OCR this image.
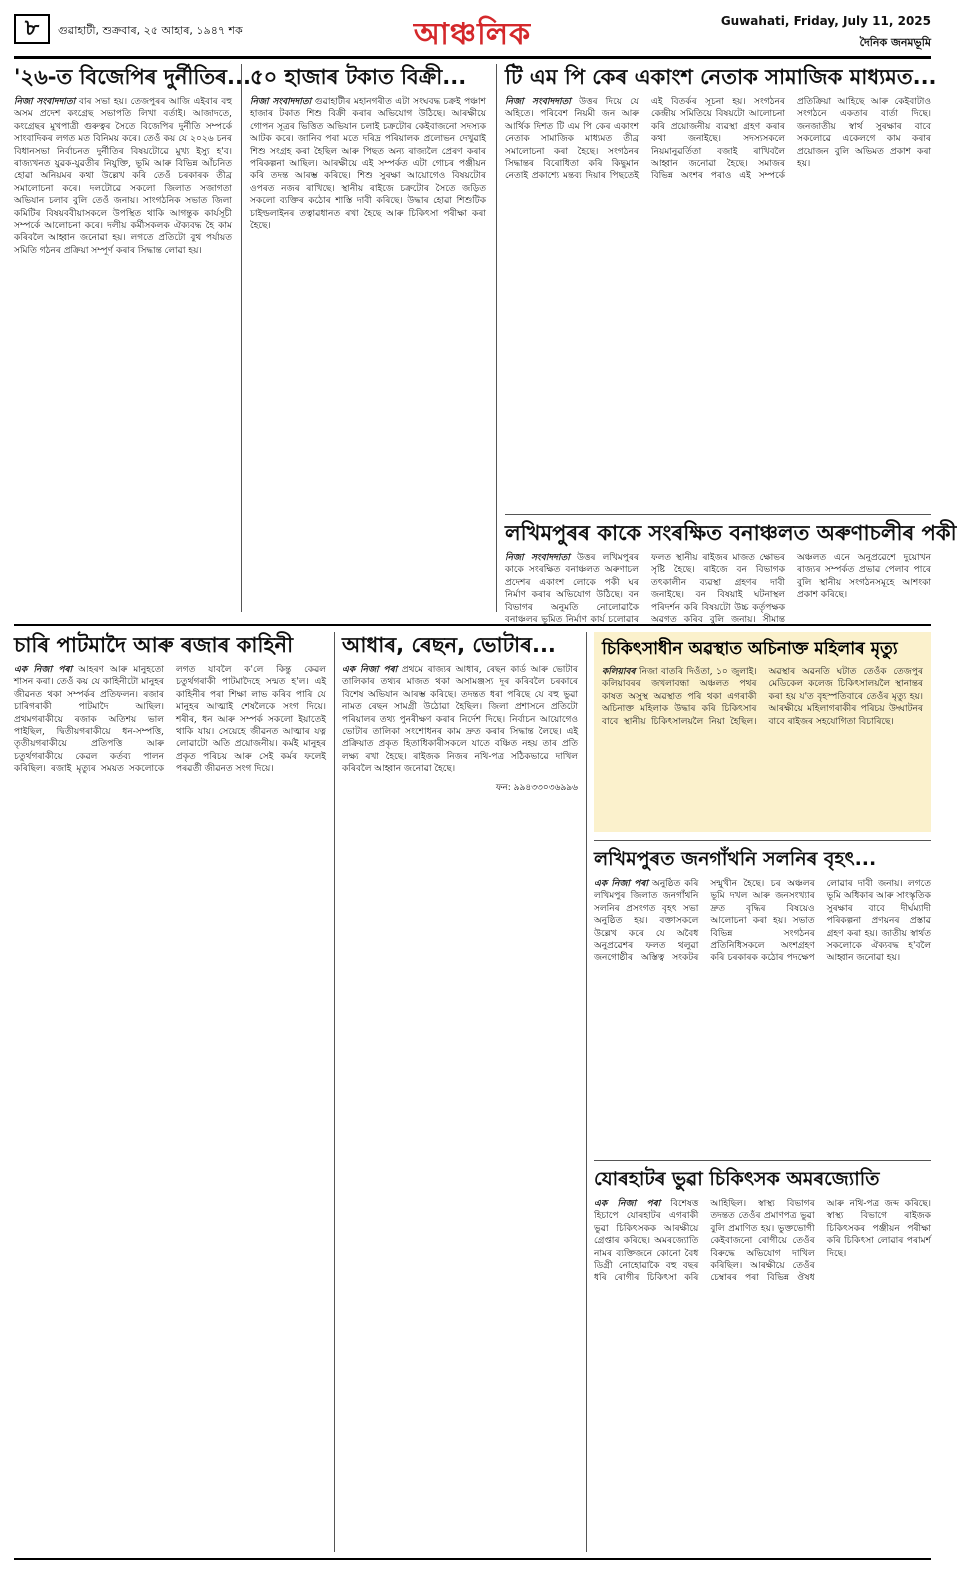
৮	গুৱাহাটী, শুক্ৰবাৰ, ২৫ আহাৰ, ১৯৪৭ শক	আঞ্চলিক	Guwahati, Friday, July 11, 2025
দৈনিক জনমভূমি
'২৬-ত বিজেপিৰ দুৰ্নীতিৰ...
নিজা সংবাদদাতা বাৰ সভা হয়। তেজপুৰৰ আজি এইবাৰ বহু অসম প্ৰদেশ কংগ্ৰেছ সভাপতি লিখা বৰ্তাই। আজাদতে, কংগ্ৰেছৰ মুখপাত্ৰী গুৰুত্বৰ সৈতে বিজেপিৰ দুৰ্নীতি সম্পৰ্কে সাংবাদিকৰ লগত মত বিনিময় কৰে। তেওঁ কয় যে ২০২৬ চনৰ বিধানসভা নিৰ্বাচনত দুৰ্নীতিৰ বিষয়টোৱে মুখ্য ইস্যু হ'ব। ৰাজ্যখনত যুৱক-যুৱতীৰ নিযুক্তি, ভূমি আৰু বিভিন্ন আঁচনিত হোৱা অনিয়মৰ কথা উল্লেখ কৰি তেওঁ চৰকাৰক তীব্ৰ সমালোচনা কৰে। দলটোৱে সকলো জিলাত সজাগতা অভিযান চলাব বুলি তেওঁ জনায়। সাংগঠনিক সভাত জিলা কমিটিৰ বিষয়ববীয়াসকলে উপস্থিত থাকি আগন্তুক কাৰ্যসূচী সম্পৰ্কে আলোচনা কৰে। দলীয় কৰ্মীসকলক ঐক্যবদ্ধ হৈ কাম কৰিবলৈ আহ্বান জনোৱা হয়। লগতে প্ৰতিটো বুথ পৰ্যায়ত সমিতি গঠনৰ প্ৰক্ৰিয়া সম্পূৰ্ণ কৰাৰ সিদ্ধান্ত লোৱা হয়।
৫০ হাজাৰ টকাত বিক্ৰী...
নিজা সংবাদদাতা গুৱাহাটীৰ মহানগৰীত এটা সংঘবদ্ধ চক্ৰই পঞ্চাশ হাজাৰ টকাত শিশু বিক্ৰী কৰাৰ অভিযোগ উঠিছে। আৰক্ষীয়ে গোপন সূত্ৰৰ ভিত্তিত অভিযান চলাই চক্ৰটোৰ কেইবাজনো সদস্যক আটক কৰে। জানিব পৰা মতে দৰিদ্ৰ পৰিয়ালক প্ৰলোভন দেখুৱাই শিশু সংগ্ৰহ কৰা হৈছিল আৰু পিছত অন্য ৰাজ্যলৈ প্ৰেৰণ কৰাৰ পৰিকল্পনা আছিল। আৰক্ষীয়ে এই সম্পৰ্কত এটা গোচৰ পঞ্জীয়ন কৰি তদন্ত আৰম্ভ কৰিছে। শিশু সুৰক্ষা আয়োগেও বিষয়টোৰ ওপৰত নজৰ ৰাখিছে। স্থানীয় ৰাইজে চক্ৰটোৰ সৈতে জড়িত সকলো ব্যক্তিৰ কঠোৰ শাস্তি দাবী কৰিছে। উদ্ধাৰ হোৱা শিশুটিক চাইল্ডলাইনৰ তত্বাৱধানত ৰখা হৈছে আৰু চিকিৎসা পৰীক্ষা কৰা হৈছে।
টি এম পি কেৰ একাংশ নেতাক সামাজিক মাধ্যমত...
নিজা সংবাদদাতা উত্তৰ দিয়ে যে অহিতে। পৰিবেশ নিয়মী জন আৰু আৰ্থিক দিশত টি এম পি কেৰ একাংশ নেতাক সামাজিক মাধ্যমত তীব্ৰ সমালোচনা কৰা হৈছে। সংগঠনৰ সিদ্ধান্তৰ বিৰোধিতা কৰি কিছুমান নেতাই প্ৰকাশ্যে মন্তব্য দিয়াৰ পিছতেই এই বিতৰ্কৰ সূচনা হয়। সংগঠনৰ কেন্দ্ৰীয় সমিতিয়ে বিষয়টো আলোচনা কৰি প্ৰয়োজনীয় ব্যৱস্থা গ্ৰহণ কৰাৰ কথা জনাইছে। সদস্যসকলে নিয়মানুৱৰ্তিতা বজাই ৰাখিবলৈ আহ্বান জনোৱা হৈছে। সমাজৰ বিভিন্ন অংশৰ পৰাও এই সম্পৰ্কে প্ৰতিক্ৰিয়া আহিছে আৰু কেইবাটাও সংগঠনে একতাৰ বাৰ্তা দিছে। জনজাতীয় স্বাৰ্থ সুৰক্ষাৰ বাবে সকলোৱে একেলগে কাম কৰাৰ প্ৰয়োজন বুলি অভিমত প্ৰকাশ কৰা হয়।
লখিমপুৰৰ কাকে সংৰক্ষিত বনাঞ্চলত অৰুণাচলীৰ পকী
নিজা সংবাদদাতা উত্তৰ লখিমপুৰৰ কাকে সংৰক্ষিত বনাঞ্চলত অৰুণাচল প্ৰদেশৰ একাংশ লোকে পকী ঘৰ নিৰ্মাণ কৰাৰ অভিযোগ উঠিছে। বন বিভাগৰ অনুমতি নোলোৱাকৈ বনাঞ্চলৰ ভূমিত নিৰ্মাণ কাৰ্য চলোৱাৰ ফলত স্থানীয় ৰাইজৰ মাজত ক্ষোভৰ সৃষ্টি হৈছে। ৰাইজে বন বিভাগক তৎকালীন ব্যৱস্থা গ্ৰহণৰ দাবী জনাইছে। বন বিষয়াই ঘটনাস্থল পৰিদৰ্শন কৰি বিষয়টো উচ্চ কৰ্তৃপক্ষক অৱগত কৰিব বুলি জনায়। সীমান্ত অঞ্চলত এনে অনুপ্ৰৱেশে দুয়োখন ৰাজ্যৰ সম্পৰ্কত প্ৰভাৱ পেলাব পাৰে বুলি স্থানীয় সংগঠনসমূহে আশংকা প্ৰকাশ কৰিছে।
চাৰি পাটমাদৈ আৰু ৰজাৰ কাহিনী
এক নিজা পৰা আহৰণ আৰু মানুহতো শাসন কৰা। তেওঁ কয় যে কাহিনীটো মানুহৰ জীৱনত থকা সম্পৰ্কৰ প্ৰতিফলন। ৰজাৰ চাৰিগৰাকী পাটমাদৈ আছিল। প্ৰথমগৰাকীয়ে ৰজাক অতিশয় ভাল পাইছিল, দ্বিতীয়গৰাকীয়ে ধন-সম্পত্তি, তৃতীয়গৰাকীয়ে প্ৰতিপত্তি আৰু চতুৰ্থগৰাকীয়ে কেৱল কৰ্তব্য পালন কৰিছিল। ৰজাই মৃত্যুৰ সময়ত সকলোকে লগত যাবলৈ ক'লে কিন্তু কেৱল চতুৰ্থগৰাকী পাটমাদৈহে সন্মত হ'ল। এই কাহিনীৰ পৰা শিক্ষা লাভ কৰিব পাৰি যে মানুহৰ আত্মাই শেষলৈকে সংগ দিয়ে। শৰীৰ, ধন আৰু সম্পৰ্ক সকলো ইয়াতেই থাকি যায়। সেয়েহে জীৱনত আত্মাৰ যত্ন লোৱাটো অতি প্ৰয়োজনীয়। কৰ্মই মানুহৰ প্ৰকৃত পৰিচয় আৰু সেই কৰ্মৰ ফলেই পৰৱৰ্তী জীৱনত সংগ দিয়ে।
আধাৰ, ৰেছন, ভোটাৰ...
এক নিজা পৰা প্ৰথমে ৰাজ্যৰ আধাৰ, ৰেছন কাৰ্ড আৰু ভোটাৰ তালিকাৰ তথ্যৰ মাজত থকা অসামঞ্জস্য দূৰ কৰিবলৈ চৰকাৰে বিশেষ অভিযান আৰম্ভ কৰিছে। তদন্তত ধৰা পৰিছে যে বহু ভুৱা নামত ৰেছন সামগ্ৰী উঠোৱা হৈছিল। জিলা প্ৰশাসনে প্ৰতিটো পৰিয়ালৰ তথ্য পুনৰীক্ষণ কৰাৰ নিৰ্দেশ দিছে। নিৰ্বাচন আয়োগেও ভোটাৰ তালিকা সংশোধনৰ কাম দ্ৰুত কৰাৰ সিদ্ধান্ত লৈছে। এই প্ৰক্ৰিয়াত প্ৰকৃত হিতাধিকাৰীসকলে যাতে বঞ্চিত নহয় তাৰ প্ৰতি লক্ষ্য ৰখা হৈছে। ৰাইজক নিজৰ নথি-পত্ৰ সঠিকভাৱে দাখিল কৰিবলৈ আহ্বান জনোৱা হৈছে।
ফন: ৯৯৪৩৩০৩৬৯৯৬
চিকিৎসাধীন অৱস্থাত অচিনাক্ত মহিলাৰ মৃত্যু
কলিয়াবৰ নিজা বাতৰি দিওঁতা, ১০ জুলাই। কলিয়াবৰৰ জখলাবন্ধা অঞ্চলত পথৰ কাষত অসুস্থ অৱস্থাত পৰি থকা এগৰাকী অচিনাক্ত মহিলাক উদ্ধাৰ কৰি চিকিৎসাৰ বাবে স্থানীয় চিকিৎসালয়লৈ নিয়া হৈছিল। অৱস্থাৰ অৱনতি ঘটাত তেওঁক তেজপুৰ মেডিকেল কলেজ চিকিৎসালয়লৈ স্থানান্তৰ কৰা হয় য'ত বৃহস্পতিবাৰে তেওঁৰ মৃত্যু হয়। আৰক্ষীয়ে মহিলাগৰাকীৰ পৰিচয় উদ্ঘাটনৰ বাবে ৰাইজৰ সহযোগিতা বিচাৰিছে।
লখিমপুৰত জনগাঁথনি সলনিৰ বৃহৎ...
এক নিজা পৰা অনুষ্ঠিত কৰি লখিমপুৰ জিলাত জনগাঁথনি সলনিৰ প্ৰসংগত বৃহৎ সভা অনুষ্ঠিত হয়। বক্তাসকলে উল্লেখ কৰে যে অবৈধ অনুপ্ৰৱেশৰ ফলত থলুৱা জনগোষ্ঠীৰ অস্তিত্ব সংকটৰ সন্মুখীন হৈছে। চৰ অঞ্চলৰ ভূমি দখল আৰু জনসংখ্যাৰ দ্ৰুত বৃদ্ধিৰ বিষয়েও আলোচনা কৰা হয়। সভাত বিভিন্ন সংগঠনৰ প্ৰতিনিধিসকলে অংশগ্ৰহণ কৰি চৰকাৰক কঠোৰ পদক্ষেপ লোৱাৰ দাবী জনায়। লগতে ভূমি অধিকাৰ আৰু সাংস্কৃতিক সুৰক্ষাৰ বাবে দীৰ্ঘম্যাদী পৰিকল্পনা প্ৰণয়নৰ প্ৰস্তাৱ গ্ৰহণ কৰা হয়। জাতীয় স্বাৰ্থত সকলোকে ঐক্যবদ্ধ হ'বলৈ আহ্বান জনোৱা হয়।
যোৰহাটৰ ভুৱা চিকিৎসক অমৰজ্যোতি
এক নিজা পৰা বিশেষত্ত হিচাপে যোৰহাটৰ এগৰাকী ভুৱা চিকিৎসকক আৰক্ষীয়ে গ্ৰেপ্তাৰ কৰিছে। অমৰজ্যোতি নামৰ ব্যক্তিজনে কোনো বৈধ ডিগ্ৰী নোহোৱাকৈ বহু বছৰ ধৰি ৰোগীৰ চিকিৎসা কৰি আহিছিল। স্বাস্থ্য বিভাগৰ তদন্তত তেওঁৰ প্ৰমাণপত্ৰ ভুৱা বুলি প্ৰমাণিত হয়। ভুক্তভোগী কেইবাজনো ৰোগীয়ে তেওঁৰ বিৰুদ্ধে অভিযোগ দাখিল কৰিছিল। আৰক্ষীয়ে তেওঁৰ চেম্বাৰৰ পৰা বিভিন্ন ঔষধ আৰু নথি-পত্ৰ জব্দ কৰিছে। স্বাস্থ্য বিভাগে ৰাইজক চিকিৎসকৰ পঞ্জীয়ন পৰীক্ষা কৰি চিকিৎসা লোৱাৰ পৰামৰ্শ দিছে।
